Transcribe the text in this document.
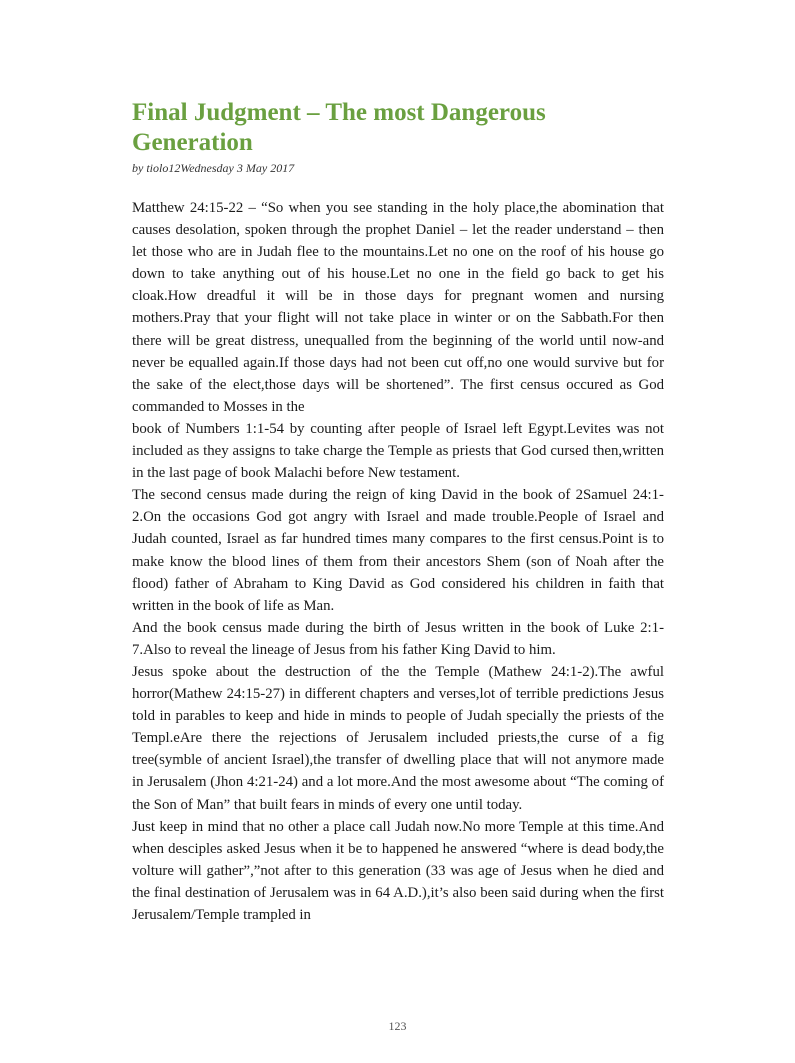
Final Judgment – The most Dangerous Generation
by tiolo12Wednesday 3 May 2017

Matthew 24:15-22 – “So when you see standing in the holy place,the abomination that causes desolation, spoken through the prophet Daniel – let the reader understand – then let those who are in Judah flee to the mountains.Let no one on the roof of his house go down to take anything out of his house.Let no one in the field go back to get his cloak.How dreadful it will be in those days for pregnant women and nursing mothers.Pray that your flight will not take place in winter or on the Sabbath.For then there will be great distress, unequalled from the beginning of the world until now-and never be equalled again.If those days had not been cut off,no one would survive but for the sake of the elect,those days will be shortened”. The first census occured as God commanded to Mosses in the

book of Numbers 1:1-54 by counting after people of Israel left Egypt.Levites was not included as they assigns to take charge the Temple as priests that God cursed then,written in the last page of book Malachi before New testament.

The second census made during the reign of king David in the book of 2Samuel 24:1-2.On the occasions God got angry with Israel and made trouble.People of Israel and Judah counted, Israel as far hundred times many compares to the first census.Point is to make know the blood lines of them from their ancestors Shem (son of Noah after the flood) father of Abraham to King David as God considered his children in faith that written in the book of life as Man.

And the book census made during the birth of Jesus written in the book of Luke 2:1-7.Also to reveal the lineage of Jesus from his father King David to him.

Jesus spoke about the destruction of the the Temple (Mathew 24:1-2).The awful horror(Mathew 24:15-27) in different chapters and verses,lot of terrible predictions Jesus told in parables to keep and hide in minds to people of Judah specially the priests of the Templ.eAre there the rejections of Jerusalem included priests,the curse of a fig tree(symble of ancient Israel),the transfer of dwelling place that will not anymore made in Jerusalem (Jhon 4:21-24) and a lot more.And the most awesome about “The coming of the Son of Man” that built fears in minds of every one until today.

Just keep in mind that no other a place call Judah now.No more Temple at this time.And when desciples asked Jesus when it be to happened he answered “where is dead body,the volture will gather”,”not after to this generation (33 was age of Jesus when he died and the final destination of Jerusalem was in 64 A.D.),it’s also been said during when the first Jerusalem/Temple trampled in

123
